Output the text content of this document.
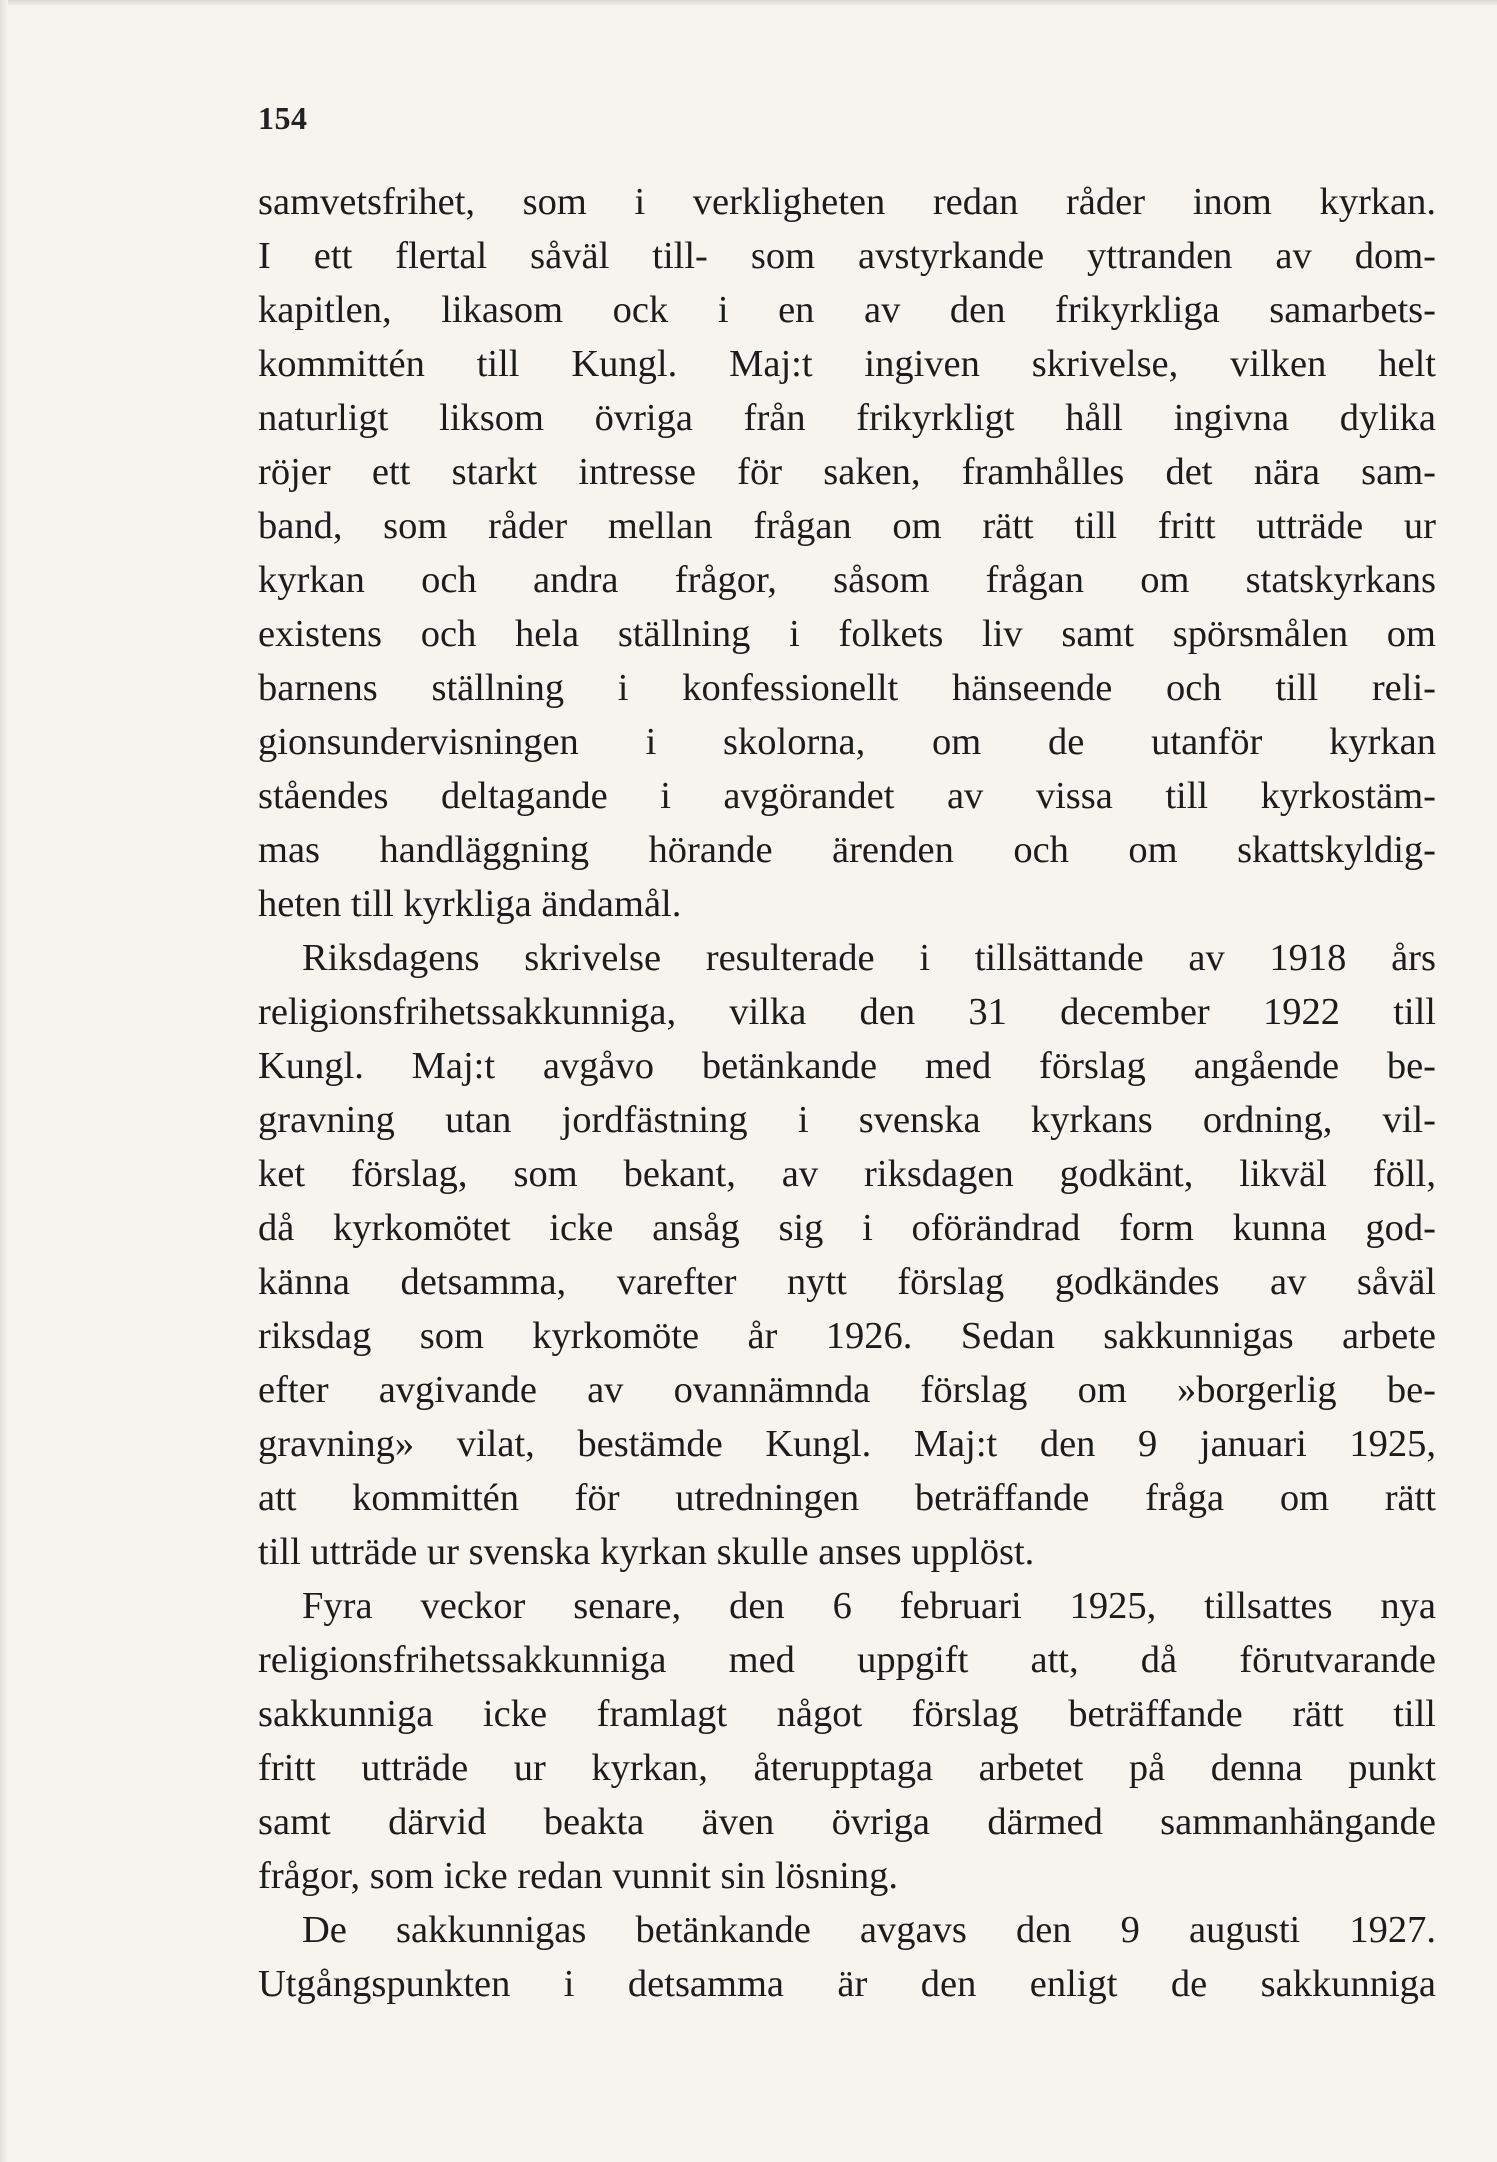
154
samvetsfrihet, som i verkligheten redan råder inom kyrkan.
I ett flertal såväl till- som avstyrkande yttranden av dom-
kapitlen, likasom ock i en av den frikyrkliga samarbets-
kommittén till Kungl. Maj:t ingiven skrivelse, vilken helt
naturligt liksom övriga från frikyrkligt håll ingivna dylika
röjer ett starkt intresse för saken, framhålles det nära sam-
band, som råder mellan frågan om rätt till fritt utträde ur
kyrkan och andra frågor, såsom frågan om statskyrkans
existens och hela ställning i folkets liv samt spörsmålen om
barnens ställning i konfessionellt hänseende och till reli-
gionsundervisningen i skolorna, om de utanför kyrkan
ståendes deltagande i avgörandet av vissa till kyrkostäm-
mas handläggning hörande ärenden och om skattskyldig-
heten till kyrkliga ändamål.
Riksdagens skrivelse resulterade i tillsättande av 1918 års
religionsfrihetssakkunniga, vilka den 31 december 1922 till
Kungl. Maj:t avgåvo betänkande med förslag angående be-
gravning utan jordfästning i svenska kyrkans ordning, vil-
ket förslag, som bekant, av riksdagen godkänt, likväl föll,
då kyrkomötet icke ansåg sig i oförändrad form kunna god-
känna detsamma, varefter nytt förslag godkändes av såväl
riksdag som kyrkomöte år 1926. Sedan sakkunnigas arbete
efter avgivande av ovannämnda förslag om »borgerlig be-
gravning» vilat, bestämde Kungl. Maj:t den 9 januari 1925,
att kommittén för utredningen beträffande fråga om rätt
till utträde ur svenska kyrkan skulle anses upplöst.
Fyra veckor senare, den 6 februari 1925, tillsattes nya
religionsfrihetssakkunniga med uppgift att, då förutvarande
sakkunniga icke framlagt något förslag beträffande rätt till
fritt utträde ur kyrkan, återupptaga arbetet på denna punkt
samt därvid beakta även övriga därmed sammanhängande
frågor, som icke redan vunnit sin lösning.
De sakkunnigas betänkande avgavs den 9 augusti 1927.
Utgångspunkten i detsamma är den enligt de sakkunniga
